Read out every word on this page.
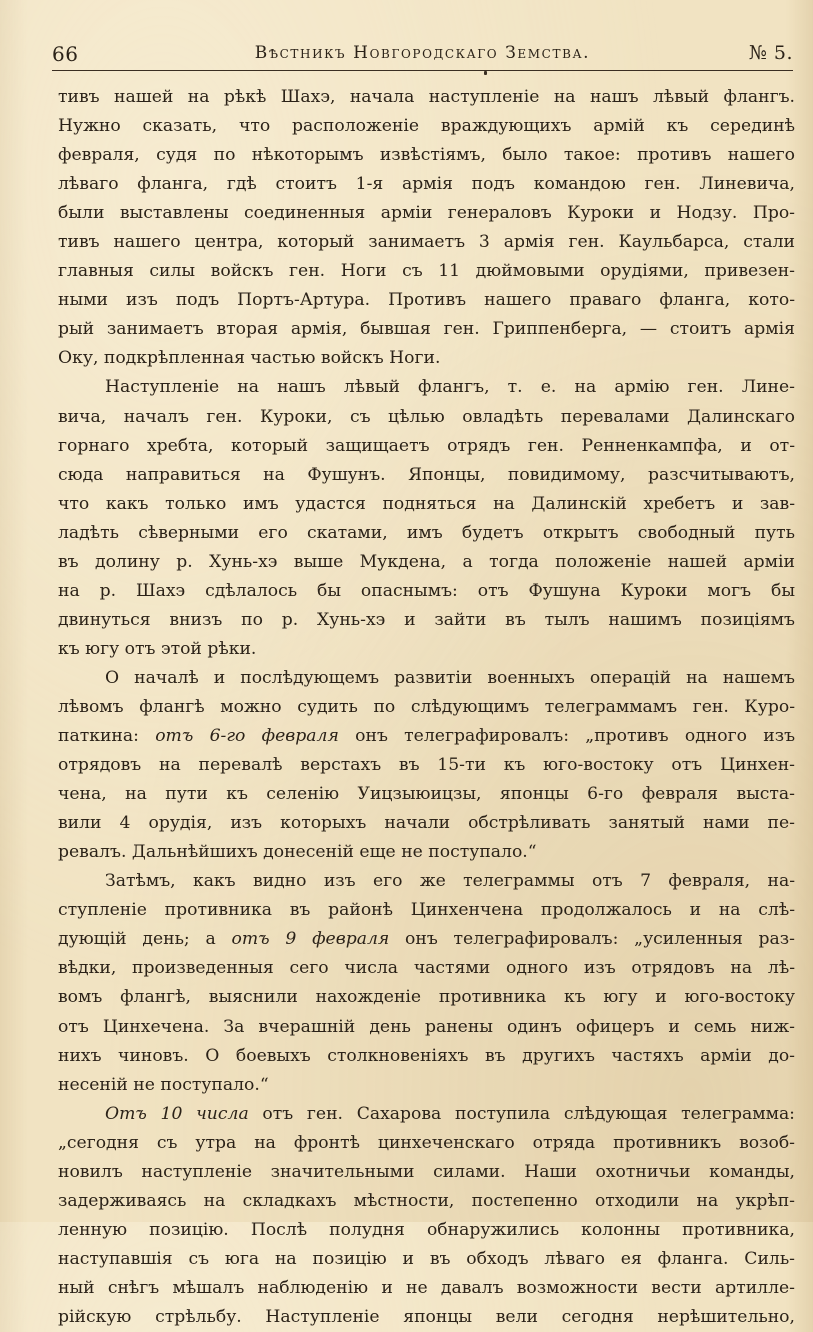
66	Вѣстникъ Новгородскаго Земства.	№ 5.
тивъ нашей на рѣкѣ Шахэ, начала наступленіе на нашъ лѣвый флангъ.
Нужно сказать, что расположеніе враждующихъ армій къ серединѣ
февраля, судя по нѣкоторымъ извѣстіямъ, было такое: противъ нашего
лѣваго фланга, гдѣ стоитъ 1-я армія подъ командою ген. Линевича,
были выставлены соединенныя арміи генераловъ Куроки и Нодзу. Про-
тивъ нашего центра, который занимаетъ 3 армія ген. Каульбарса, стали
главныя силы войскъ ген. Ноги съ 11 дюймовыми орудіями, привезен-
ными изъ подъ Портъ-Артура. Противъ нашего праваго фланга, кото-
рый занимаетъ вторая армія, бывшая ген. Гриппенберга, — стоитъ армія
Оку, подкрѣпленная частью войскъ Ноги.
Наступленіе на нашъ лѣвый флангъ, т. е. на армію ген. Лине-
вича, началъ ген. Куроки, съ цѣлью овладѣть перевалами Далинскаго
горнаго хребта, который защищаетъ отрядъ ген. Ренненкампфа, и от-
сюда направиться на Фушунъ. Японцы, повидимому, разсчитываютъ,
что какъ только имъ удастся подняться на Далинскій хребетъ и зав-
ладѣть сѣверными его скатами, имъ будетъ открытъ свободный путь
въ долину р. Хунь-хэ выше Мукдена, а тогда положеніе нашей арміи
на р. Шахэ сдѣлалось бы опаснымъ: отъ Фушуна Куроки могъ бы
двинуться внизъ по р. Хунь-хэ и зайти въ тылъ нашимъ позиціямъ
къ югу отъ этой рѣки.
О началѣ и послѣдующемъ развитіи военныхъ операцій на нашемъ
лѣвомъ флангѣ можно судить по слѣдующимъ телеграммамъ ген. Куро-
паткина: отъ 6-го февраля онъ телеграфировалъ: „противъ одного изъ
отрядовъ на перевалѣ верстахъ въ 15-ти къ юго-востоку отъ Цинхен-
чена, на пути къ селенію Уицзыюицзы, японцы 6-го февраля выста-
вили 4 орудія, изъ которыхъ начали обстрѣливать занятый нами пе-
ревалъ. Дальнѣйшихъ донесеній еще не поступало.“
Затѣмъ, какъ видно изъ его же телеграммы отъ 7 февраля, на-
ступленіе противника въ районѣ Цинхенчена продолжалось и на слѣ-
дующій день; а отъ 9 февраля онъ телеграфировалъ: „усиленныя раз-
вѣдки, произведенныя сего числа частями одного изъ отрядовъ на лѣ-
вомъ флангѣ, выяснили нахожденіе противника къ югу и юго-востоку
отъ Цинхечена. За вчерашній день ранены одинъ офицеръ и семь ниж-
нихъ чиновъ. О боевыхъ столкновеніяхъ въ другихъ частяхъ арміи до-
несеній не поступало.“
Отъ 10 числа отъ ген. Сахарова поступила слѣдующая телеграмма:
„сегодня съ утра на фронтѣ цинхеченскаго отряда противникъ возоб-
новилъ наступленіе значительными силами. Наши охотничьи команды,
задерживаясь на складкахъ мѣстности, постепенно отходили на укрѣп-
ленную позицію. Послѣ полудня обнаружились колонны противника,
наступавшія съ юга на позицію и въ обходъ лѣваго ея фланга. Силь-
ный снѣгъ мѣшалъ наблюденію и не давалъ возможности вести артилле-
рійскую стрѣльбу. Наступленіе японцы вели сегодня нерѣшительно,
